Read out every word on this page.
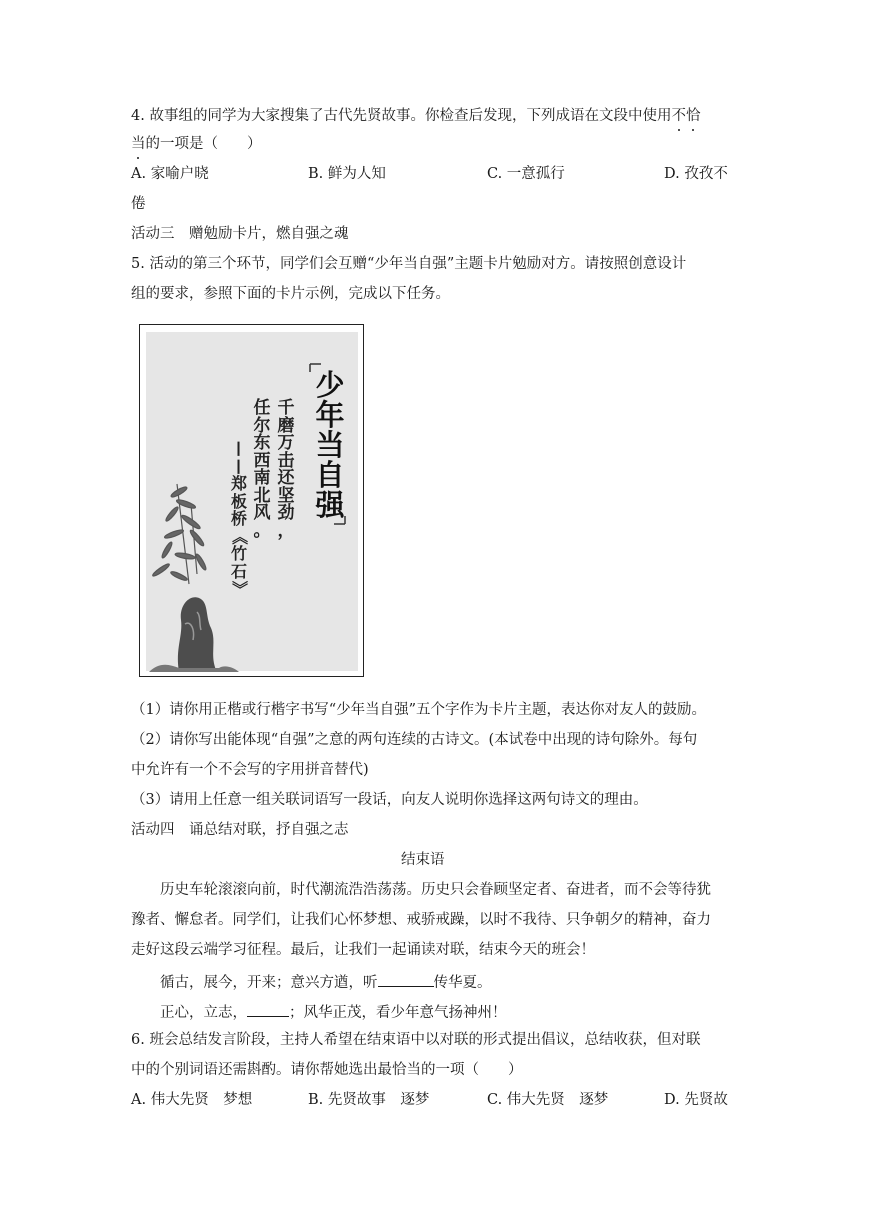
4. 故事组的同学为大家搜集了古代先贤故事。你检查后发现，下列成语在文段中使用不恰
当的一项是（　　）
A. 家喻户晓	B. 鲜为人知	C. 一意孤行	D. 孜孜不
倦
活动三　赠勉励卡片，燃自强之魂
5. 活动的第三个环节，同学们会互赠“少年当自强”主题卡片勉励对方。请按照创意设计
组的要求，参照下面的卡片示例，完成以下任务。
少
年
当
自
强
千
磨
万
击
还
坚
劲
，
任
尔
东
西
南
北
风
。
—
—
郑
板
桥
《
竹
石
》
（1）请你用正楷或行楷字书写“少年当自强”五个字作为卡片主题，表达你对友人的鼓励。
（2）请你写出能体现“自强”之意的两句连续的古诗文。(本试卷中出现的诗句除外。每句
中允许有一个不会写的字用拼音替代)
（3）请用上任意一组关联词语写一段话，向友人说明你选择这两句诗文的理由。
活动四　诵总结对联，抒自强之志
结束语
历史车轮滚滚向前，时代潮流浩浩荡荡。历史只会眷顾坚定者、奋进者，而不会等待犹
豫者、懈怠者。同学们，让我们心怀梦想、戒骄戒躁，以时不我待、只争朝夕的精神，奋力
走好这段云端学习征程。最后，让我们一起诵读对联，结束今天的班会！
循古，展今，开来；意兴方遒，听	传华夏。
正心，立志，	；风华正茂，看少年意气扬神州！
6. 班会总结发言阶段，主持人希望在结束语中以对联的形式提出倡议，总结收获，但对联
中的个别词语还需斟酌。请你帮她选出最恰当的一项（　　）
A. 伟大先贤　梦想	B. 先贤故事　逐梦	C. 伟大先贤　逐梦	D. 先贤故
